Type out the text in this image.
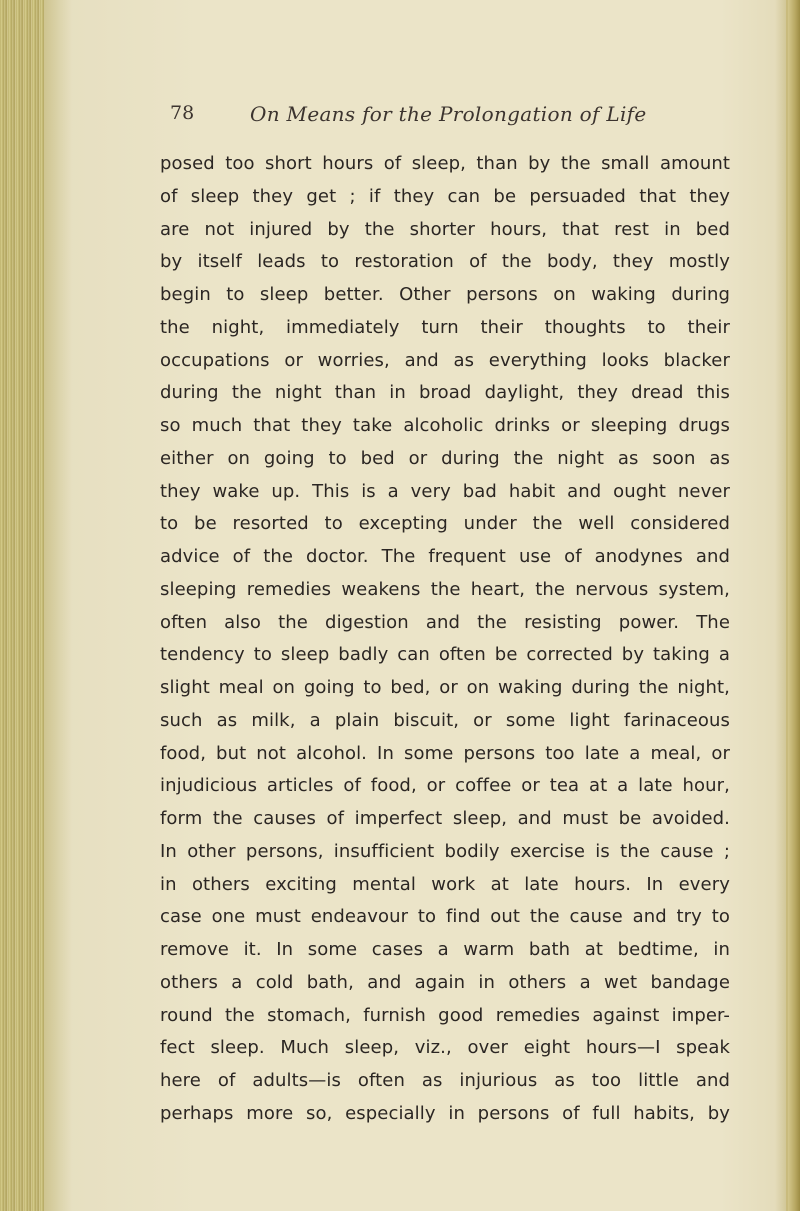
78	On Means for the Prolongation of Life
posed too short hours of sleep, than by the small amount
of sleep they get ; if they can be persuaded that they
are not injured by the shorter hours, that rest in bed
by itself leads to restoration of the body, they mostly
begin to sleep better. Other persons on waking during
the night, immediately turn their thoughts to their
occupations or worries, and as everything looks blacker
during the night than in broad daylight, they dread this
so much that they take alcoholic drinks or sleeping drugs
either on going to bed or during the night as soon as
they wake up. This is a very bad habit and ought never
to be resorted to excepting under the well considered
advice of the doctor. The frequent use of anodynes and
sleeping remedies weakens the heart, the nervous system,
often also the digestion and the resisting power. The
tendency to sleep badly can often be corrected by taking a
slight meal on going to bed, or on waking during the night,
such as milk, a plain biscuit, or some light farinaceous
food, but not alcohol. In some persons too late a meal, or
injudicious articles of food, or coffee or tea at a late hour,
form the causes of imperfect sleep, and must be avoided.
In other persons, insufficient bodily exercise is the cause ;
in others exciting mental work at late hours. In every
case one must endeavour to find out the cause and try to
remove it. In some cases a warm bath at bedtime, in
others a cold bath, and again in others a wet bandage
round the stomach, furnish good remedies against imper-
fect sleep. Much sleep, viz., over eight hours—I speak
here of adults—is often as injurious as too little and
perhaps more so, especially in persons of full habits, by
